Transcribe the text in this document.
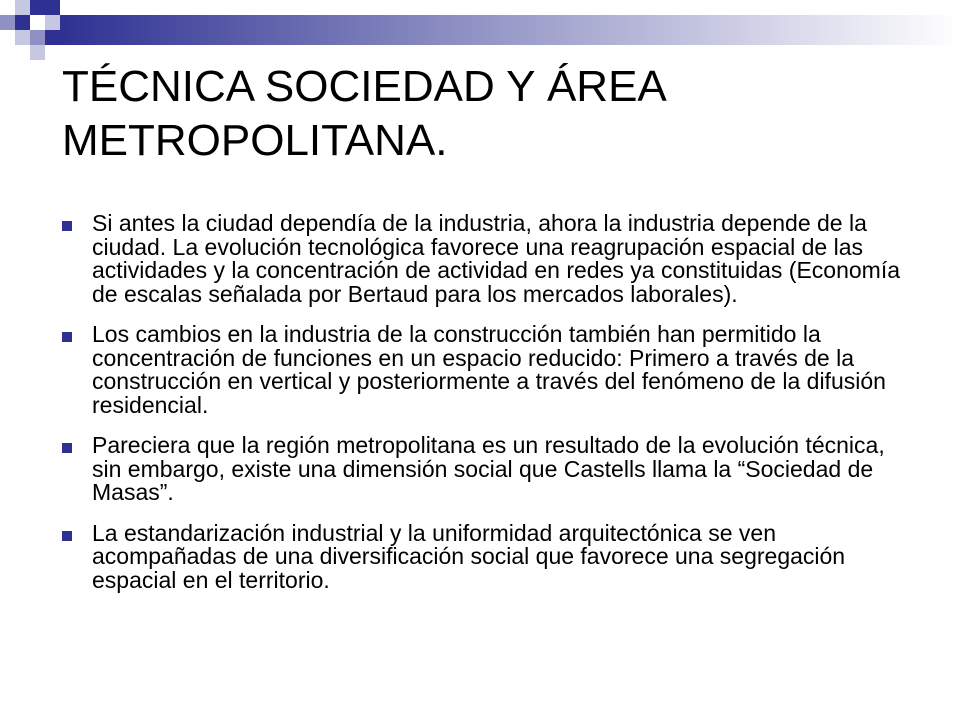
TÉCNICA SOCIEDAD Y ÁREA METROPOLITANA.
Si antes la ciudad dependía de la industria, ahora la industria depende de la ciudad. La evolución tecnológica favorece una reagrupación espacial de las actividades y la concentración de actividad en redes ya constituidas (Economía de escalas señalada por Bertaud para los mercados laborales).
Los cambios en la industria de la construcción también han permitido la concentración de funciones en un espacio reducido: Primero a través de la construcción en vertical y posteriormente a través del fenómeno de la difusión residencial.
Pareciera que la región metropolitana es un resultado de la evolución técnica, sin embargo, existe una dimensión social que Castells llama la “Sociedad de Masas”.
La estandarización industrial y la uniformidad arquitectónica se ven acompañadas de una diversificación social que favorece una segregación espacial en el territorio.
